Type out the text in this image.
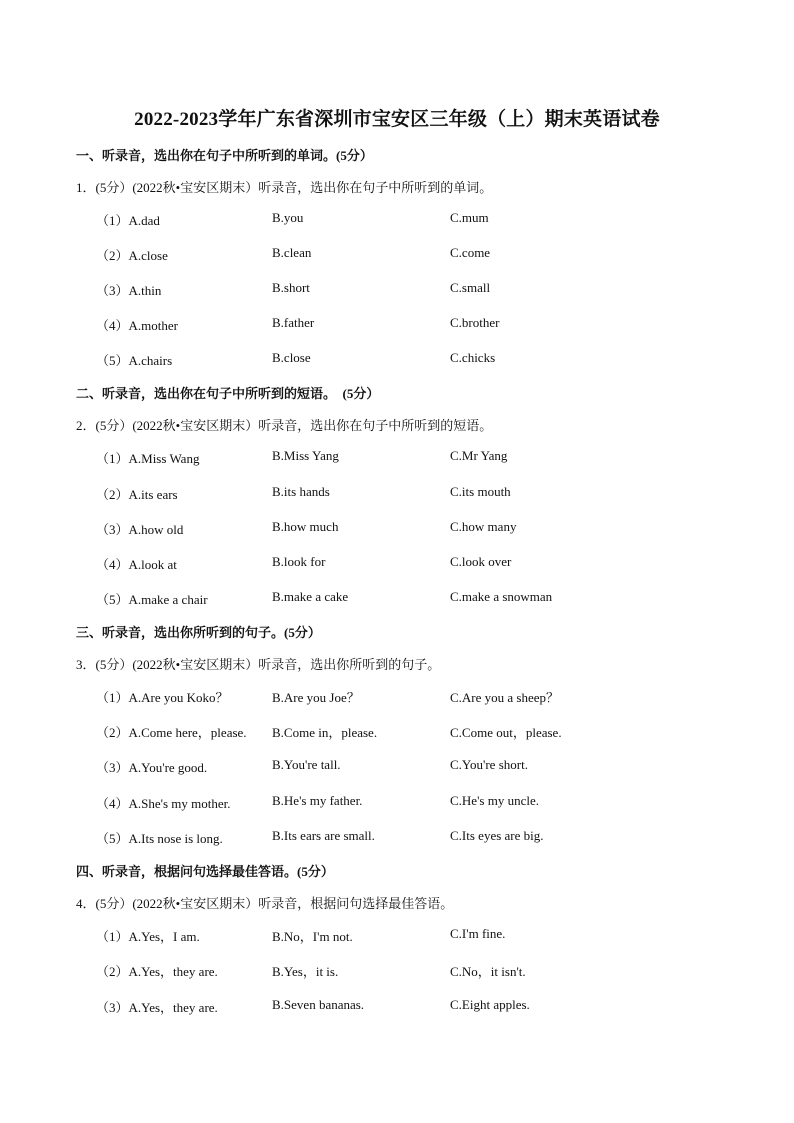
2022-2023学年广东省深圳市宝安区三年级（上）期末英语试卷
一、听录音，选出你在句子中所听到的单词。(5分）
1．(5分）(2022秋•宝安区期末）听录音，选出你在句子中所听到的单词。
（1）A.dad	B.you	C.mum
（2）A.close	B.clean	C.come
（3）A.thin	B.short	C.small
（4）A.mother	B.father	C.brother
（5）A.chairs	B.close	C.chicks
二、听录音，选出你在句子中所听到的短语。　(5分）
2．(5分）(2022秋•宝安区期末）听录音，选出你在句子中所听到的短语。
（1）A.Miss Wang	B.Miss Yang	C.Mr Yang
（2）A.its ears	B.its hands	C.its mouth
（3）A.how old	B.how much	C.how many
（4）A.look at	B.look for	C.look over
（5）A.make a chair	B.make a cake	C.make a snowman
三、听录音，选出你所听到的句子。(5分）
3．(5分）(2022秋•宝安区期末）听录音，选出你所听到的句子。
（1）A.Are you Koko？	B.Are you Joe？	C.Are you a sheep？
（2）A.Come here，please. B.Come in，please.	C.Come out，please.
（3）A.You're good.	B.You're tall.	C.You're short.
（4）A.She's my mother.	B.He's my father.	C.He's my uncle.
（5）A.Its nose is long.	B.Its ears are small.	C.Its eyes are big.
四、听录音，根据问句选择最佳答语。(5分）
4．(5分）(2022秋•宝安区期末）听录音，根据问句选择最佳答语。
（1）A.Yes，I am.	B.No，I'm not.	C.I'm fine.
（2）A.Yes，they are.	B.Yes，it is.	C.No，it isn't.
（3）A.Yes，they are.	B.Seven bananas.	C.Eight apples.
